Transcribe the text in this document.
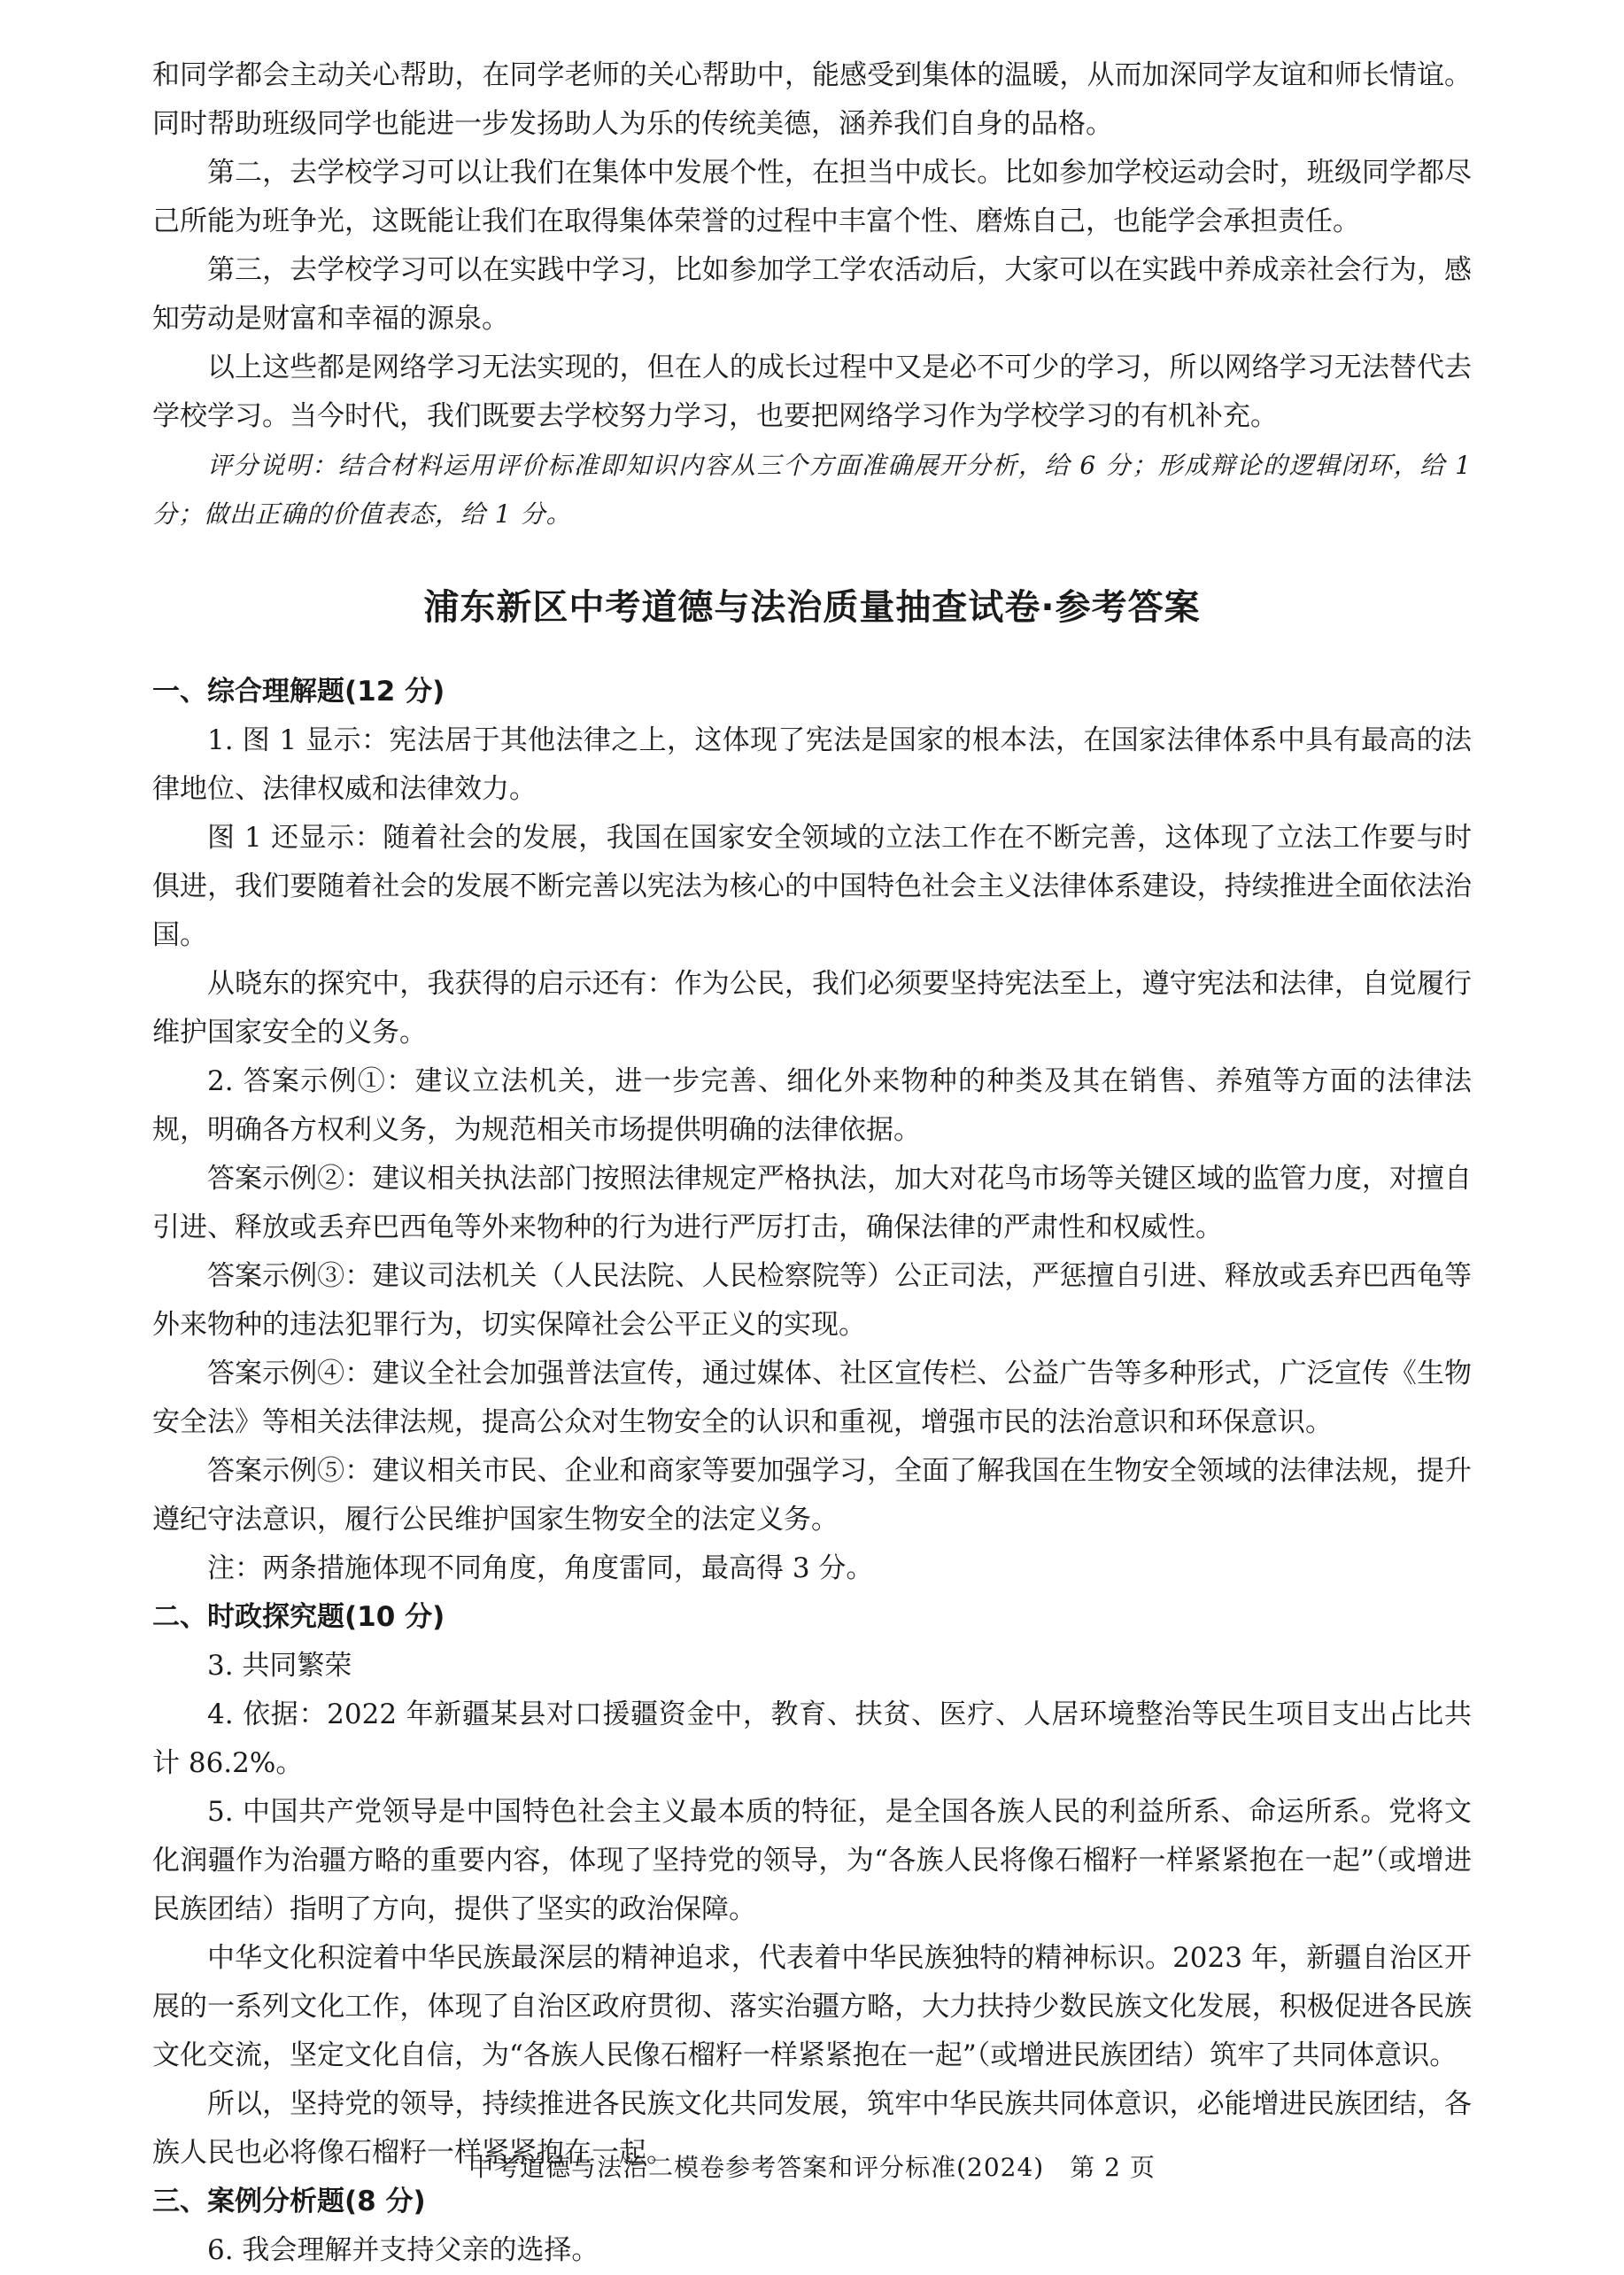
和同学都会主动关心帮助，在同学老师的关心帮助中，能感受到集体的温暖，从而加深同学友谊和师长情谊。同时帮助班级同学也能进一步发扬助人为乐的传统美德，涵养我们自身的品格。

第二，去学校学习可以让我们在集体中发展个性，在担当中成长。比如参加学校运动会时，班级同学都尽己所能为班争光，这既能让我们在取得集体荣誉的过程中丰富个性、磨炼自己，也能学会承担责任。

第三，去学校学习可以在实践中学习，比如参加学工学农活动后，大家可以在实践中养成亲社会行为，感知劳动是财富和幸福的源泉。

以上这些都是网络学习无法实现的，但在人的成长过程中又是必不可少的学习，所以网络学习无法替代去学校学习。当今时代，我们既要去学校努力学习，也要把网络学习作为学校学习的有机补充。

评分说明：结合材料运用评价标准即知识内容从三个方面准确展开分析，给 6 分；形成辩论的逻辑闭环，给 1 分；做出正确的价值表态，给 1 分。

浦东新区中考道德与法治质量抽查试卷·参考答案
一、综合理解题(12 分)

1. 图 1 显示：宪法居于其他法律之上，这体现了宪法是国家的根本法，在国家法律体系中具有最高的法律地位、法律权威和法律效力。

图 1 还显示：随着社会的发展，我国在国家安全领域的立法工作在不断完善，这体现了立法工作要与时俱进，我们要随着社会的发展不断完善以宪法为核心的中国特色社会主义法律体系建设，持续推进全面依法治国。

从晓东的探究中，我获得的启示还有：作为公民，我们必须要坚持宪法至上，遵守宪法和法律，自觉履行维护国家安全的义务。

2. 答案示例①：建议立法机关，进一步完善、细化外来物种的种类及其在销售、养殖等方面的法律法规，明确各方权利义务，为规范相关市场提供明确的法律依据。

答案示例②：建议相关执法部门按照法律规定严格执法，加大对花鸟市场等关键区域的监管力度，对擅自引进、释放或丢弃巴西龟等外来物种的行为进行严厉打击，确保法律的严肃性和权威性。

答案示例③：建议司法机关（人民法院、人民检察院等）公正司法，严惩擅自引进、释放或丢弃巴西龟等外来物种的违法犯罪行为，切实保障社会公平正义的实现。

答案示例④：建议全社会加强普法宣传，通过媒体、社区宣传栏、公益广告等多种形式，广泛宣传《生物安全法》等相关法律法规，提高公众对生物安全的认识和重视，增强市民的法治意识和环保意识。

答案示例⑤：建议相关市民、企业和商家等要加强学习，全面了解我国在生物安全领域的法律法规，提升遵纪守法意识，履行公民维护国家生物安全的法定义务。

注：两条措施体现不同角度，角度雷同，最高得 3 分。

二、时政探究题(10 分)

3. 共同繁荣

4. 依据：2022 年新疆某县对口援疆资金中，教育、扶贫、医疗、人居环境整治等民生项目支出占比共计 86.2%。

5. 中国共产党领导是中国特色社会主义最本质的特征，是全国各族人民的利益所系、命运所系。党将文化润疆作为治疆方略的重要内容，体现了坚持党的领导，为“各族人民将像石榴籽一样紧紧抱在一起”（或增进民族团结）指明了方向，提供了坚实的政治保障。

中华文化积淀着中华民族最深层的精神追求，代表着中华民族独特的精神标识。2023 年，新疆自治区开展的一系列文化工作，体现了自治区政府贯彻、落实治疆方略，大力扶持少数民族文化发展，积极促进各民族文化交流，坚定文化自信，为“各族人民像石榴籽一样紧紧抱在一起”（或增进民族团结）筑牢了共同体意识。

所以，坚持党的领导，持续推进各民族文化共同发展，筑牢中华民族共同体意识，必能增进民族团结，各族人民也必将像石榴籽一样紧紧抱在一起。

三、案例分析题(8 分)

6. 我会理解并支持父亲的选择。

中考道德与法治二模卷参考答案和评分标准(2024)　第 2 页
